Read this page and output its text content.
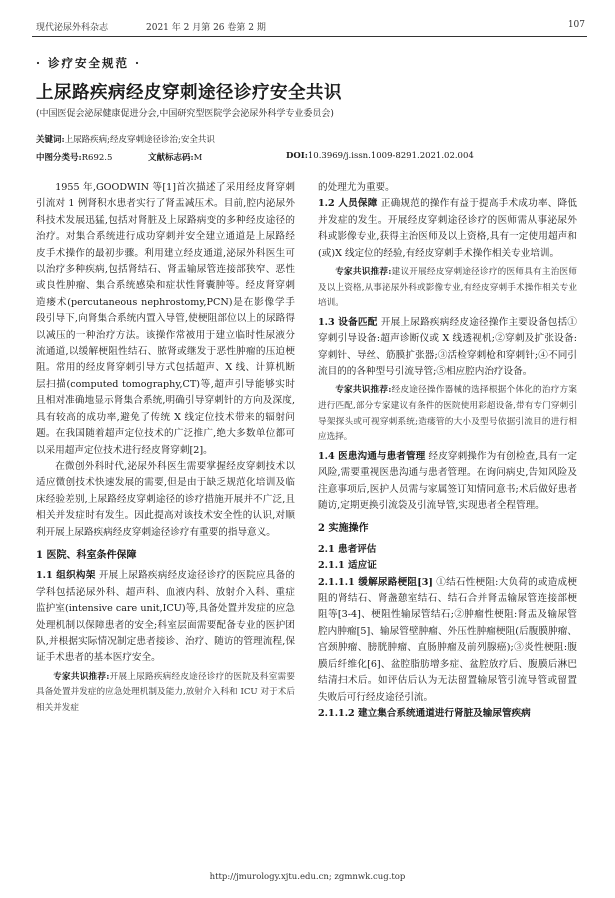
现代泌尿外科杂志	2021 年 2 月第 26 卷第 2 期	107
· 诊疗安全规范 ·
上尿路疾病经皮穿刺途径诊疗安全共识
(中国医促会泌尿健康促进分会,中国研究型医院学会泌尿外科学专业委员会)
关键词:上尿路疾病;经皮穿刺途径诊治;安全共识
中图分类号:R692.5	文献标志码:M	DOI:10.3969/j.issn.1009-8291.2021.02.004

1955 年,GOODWIN 等[1]首次描述了采用经皮肾穿刺引流对 1 例肾积水患者实行了肾盂减压术。目前,腔内泌尿外科技术发展迅猛,包括对肾脏及上尿路病变的多种经皮途径的治疗。对集合系统进行成功穿刺并安全建立通道是上尿路经皮手术操作的最初步骤。利用建立经皮通道,泌尿外科医生可以治疗多种疾病,包括肾结石、肾盂输尿管连接部狭窄、恶性或良性肿瘤、集合系统感染和症状性肾囊肿等。经皮肾穿刺造瘘术(percutaneous nephrostomy,PCN)是在影像学手段引导下,向肾集合系统内置入导管,使梗阻部位以上的尿路得以减压的一种治疗方法。该操作常被用于建立临时性尿液分流通道,以缓解梗阻性结石、脓肾或继发于恶性肿瘤的压迫梗阻。常用的经皮肾穿刺引导方式包括超声、X 线、计算机断层扫描(computed tomography,CT)等,超声引导能够实时且相对准确地显示肾集合系统,明确引导穿刺针的方向及深度,具有较高的成功率,避免了传统 X 线定位技术带来的辐射问题。在我国随着超声定位技术的广泛推广,绝大多数单位都可以采用超声定位技术进行经皮肾穿刺[2]。

在微创外科时代,泌尿外科医生需要掌握经皮穿刺技术以适应微创技术快速发展的需要,但是由于缺乏规范化培训及临床经验差别,上尿路经皮穿刺途径的诊疗措施开展并不广泛,且相关并发症时有发生。因此提高对该技术安全性的认识,对顺利开展上尿路疾病经皮穿刺途径诊疗有重要的指导意义。

1 医院、科室条件保障

1.1 组织构架 开展上尿路疾病经皮途径诊疗的医院应具备的学科包括泌尿外科、超声科、血液内科、放射介入科、重症监护室(intensive care unit,ICU)等,具备处置并发症的应急处理机制以保障患者的安全;科室层面需要配备专业的医护团队,并根据实际情况制定患者接诊、治疗、随访的管理流程,保证手术患者的基本医疗安全。

专家共识推荐:开展上尿路疾病经皮途径诊疗的医院及科室需要具备处置并发症的应急处理机制及能力,放射介入科和 ICU 对于术后相关并发症

的处理尤为重要。

1.2 人员保障 正确规范的操作有益于提高手术成功率、降低并发症的发生。开展经皮穿刺途径诊疗的医师需从事泌尿外科或影像专业,获得主治医师及以上资格,具有一定使用超声和(或)X 线定位的经验,有经皮穿刺手术操作相关专业培训。

专家共识推荐:建议开展经皮穿刺途径诊疗的医师具有主治医师及以上资格,从事泌尿外科或影像专业,有经皮穿刺手术操作相关专业培训。

1.3 设备匹配 开展上尿路疾病经皮途径操作主要设备包括①穿刺引导设备:超声诊断仪或 X 线透视机;②穿刺及扩张设备:穿刺针、导丝、筋膜扩张器;③活检穿刺枪和穿刺针;④不同引流目的的各种型号引流导管;⑤相应腔内治疗设备。

专家共识推荐:经皮途径操作器械的选择根据个体化的治疗方案进行匹配,部分专家建议有条件的医院使用彩超设备,带有专门穿刺引导架探头或可视穿刺系统;造瘘管的大小及型号依据引流目的进行相应选择。

1.4 医患沟通与患者管理 经皮穿刺操作为有创检查,具有一定风险,需要重视医患沟通与患者管理。在询问病史,告知风险及注意事项后,医护人员需与家属签订知情同意书;术后做好患者随访,定期更换引流袋及引流导管,实现患者全程管理。

2 实施操作

2.1 患者评估

2.1.1 适应证

2.1.1.1 缓解尿路梗阻[3] ①结石性梗阻:大负荷的或造成梗阻的肾结石、肾盏憩室结石、结石合并肾盂输尿管连接部梗阻等[3-4]、梗阻性输尿管结石;②肿瘤性梗阻:肾盂及输尿管腔内肿瘤[5]、输尿管壁肿瘤、外压性肿瘤梗阻(后腹膜肿瘤、宫颈肿瘤、膀胱肿瘤、直肠肿瘤及前列腺癌);③炎性梗阻:腹膜后纤维化[6]、盆腔脂肪增多症、盆腔放疗后、腹膜后淋巴结清扫术后。如评估后认为无法留置输尿管引流导管或留置失败后可行经皮途径引流。

2.1.1.2 建立集合系统通道进行肾脏及输尿管疾病

http://jmurology.xjtu.edu.cn; zgmnwk.cug.top
